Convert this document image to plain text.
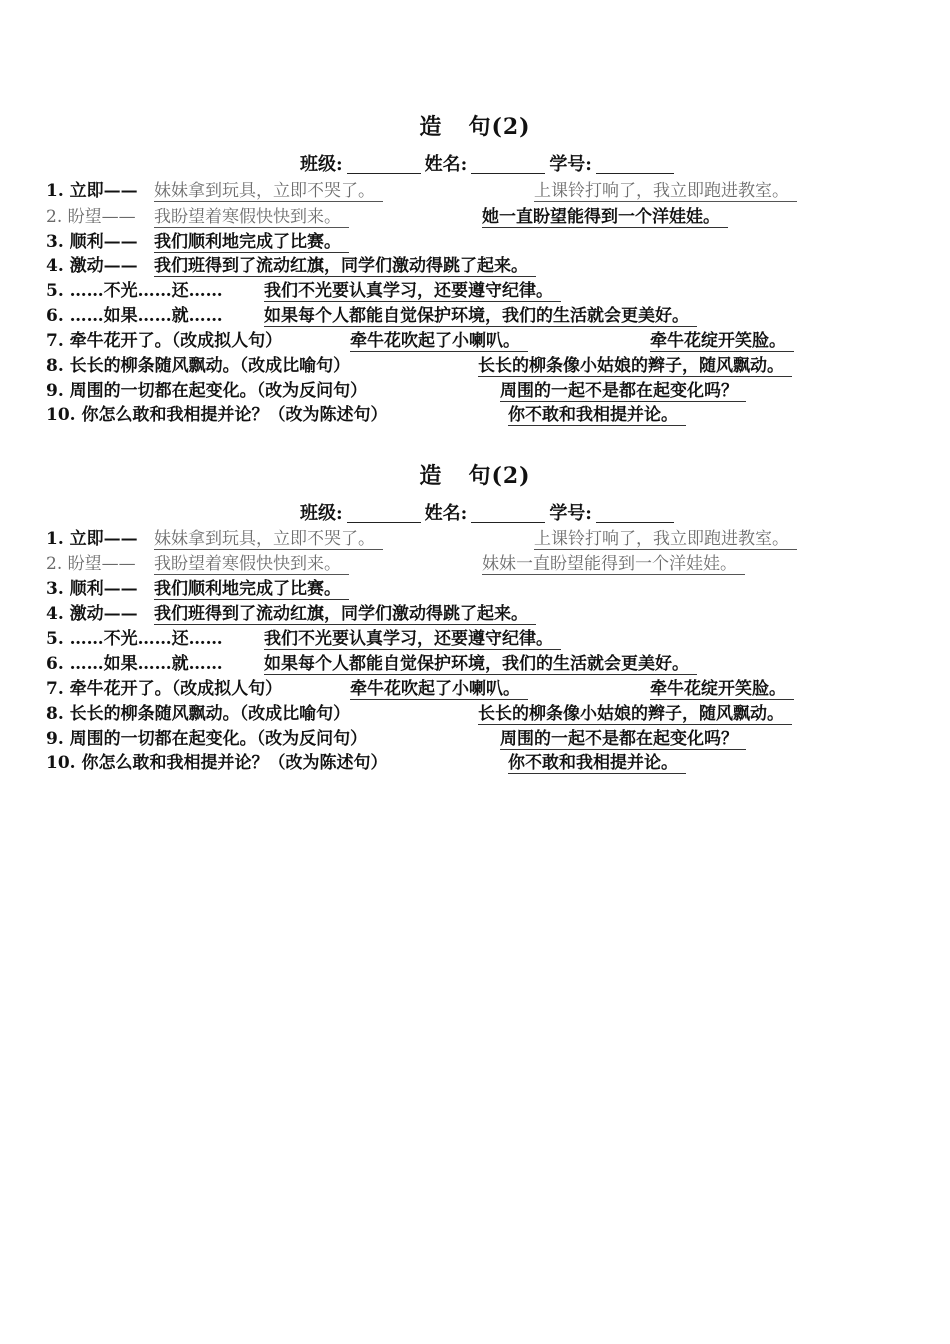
造 句(2)
班级:	姓名:	学号:
1. 立即—— 妹妹拿到玩具，立即不哭了。	上课铃打响了，我立即跑进教室。
2. 盼望—— 我盼望着寒假快快到来。	她一直盼望能得到一个洋娃娃。
3. 顺利—— 我们顺利地完成了比赛。
4. 激动—— 我们班得到了流动红旗，同学们激动得跳了起来。
5. ……不光……还…… 我们不光要认真学习，还要遵守纪律。
6. ……如果……就…… 如果每个人都能自觉保护环境，我们的生活就会更美好。
7. 牵牛花开了。（改成拟人句）	牵牛花吹起了小喇叭。	牵牛花绽开笑脸。
8. 长长的柳条随风飘动。（改成比喻句）	长长的柳条像小姑娘的辫子，随风飘动。
9. 周围的一切都在起变化。（改为反问句）	周围的一起不是都在起变化吗？
10. 你怎么敢和我相提并论？（改为陈述句）	你不敢和我相提并论。
造 句(2)
班级:	姓名:	学号:
1. 立即—— 妹妹拿到玩具，立即不哭了。	上课铃打响了，我立即跑进教室。
2. 盼望—— 我盼望着寒假快快到来。	妹妹一直盼望能得到一个洋娃娃。
3. 顺利—— 我们顺利地完成了比赛。
4. 激动—— 我们班得到了流动红旗，同学们激动得跳了起来。
5. ……不光……还…… 我们不光要认真学习，还要遵守纪律。
6. ……如果……就…… 如果每个人都能自觉保护环境，我们的生活就会更美好。
7. 牵牛花开了。（改成拟人句）	牵牛花吹起了小喇叭。	牵牛花绽开笑脸。
8. 长长的柳条随风飘动。（改成比喻句）	长长的柳条像小姑娘的辫子，随风飘动。
9. 周围的一切都在起变化。（改为反问句）	周围的一起不是都在起变化吗？
10. 你怎么敢和我相提并论？（改为陈述句）	你不敢和我相提并论。
